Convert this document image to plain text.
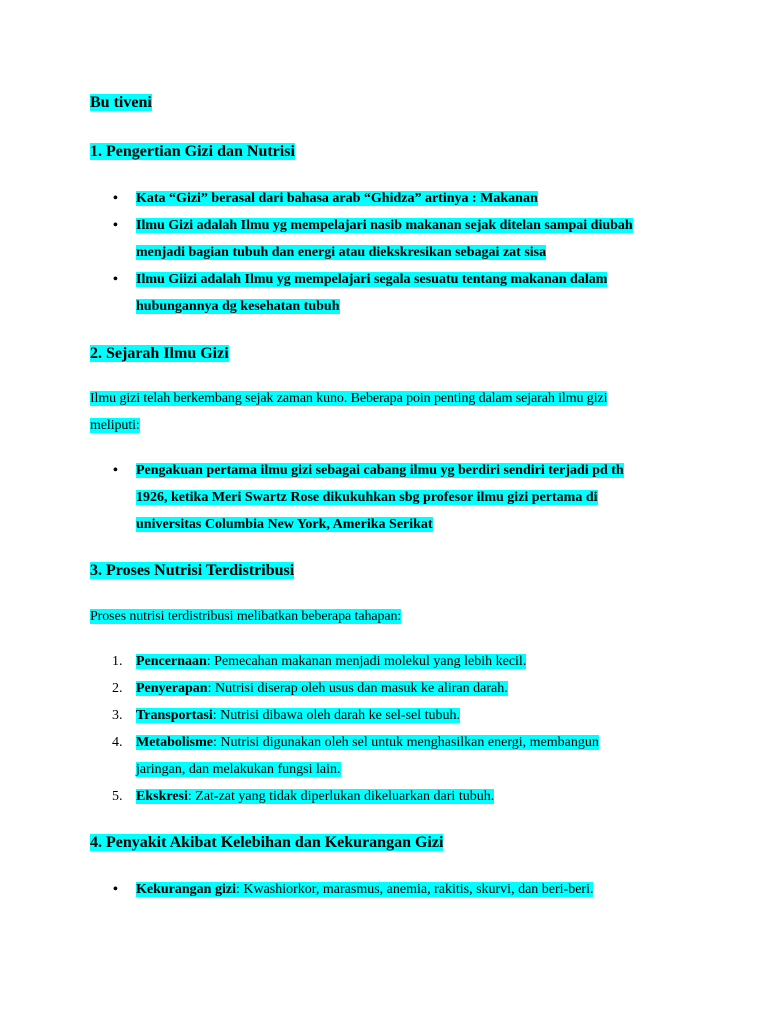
Bu tiveni
1. Pengertian Gizi dan Nutrisi
• Kata “Gizi” berasal dari bahasa arab “Ghidza” artinya : Makanan
• Ilmu Gizi adalah Ilmu yg mempelajari nasib makanan sejak ditelan sampai diubah
menjadi bagian tubuh dan energi atau diekskresikan sebagai zat sisa
• Ilmu Giizi adalah Ilmu yg mempelajari segala sesuatu tentang makanan dalam
hubungannya dg kesehatan tubuh
2. Sejarah Ilmu Gizi
Ilmu gizi telah berkembang sejak zaman kuno. Beberapa poin penting dalam sejarah ilmu gizi
meliputi:
• Pengakuan pertama ilmu gizi sebagai cabang ilmu yg berdiri sendiri terjadi pd th
1926, ketika Meri Swartz Rose dikukuhkan sbg profesor ilmu gizi pertama di
universitas Columbia New York, Amerika Serikat
3. Proses Nutrisi Terdistribusi
Proses nutrisi terdistribusi melibatkan beberapa tahapan:
1. Pencernaan: Pemecahan makanan menjadi molekul yang lebih kecil.
2. Penyerapan: Nutrisi diserap oleh usus dan masuk ke aliran darah.
3. Transportasi: Nutrisi dibawa oleh darah ke sel-sel tubuh.
4. Metabolisme: Nutrisi digunakan oleh sel untuk menghasilkan energi, membangun
jaringan, dan melakukan fungsi lain.
5. Ekskresi: Zat-zat yang tidak diperlukan dikeluarkan dari tubuh.
4. Penyakit Akibat Kelebihan dan Kekurangan Gizi
• Kekurangan gizi: Kwashiorkor, marasmus, anemia, rakitis, skurvi, dan beri-beri.
